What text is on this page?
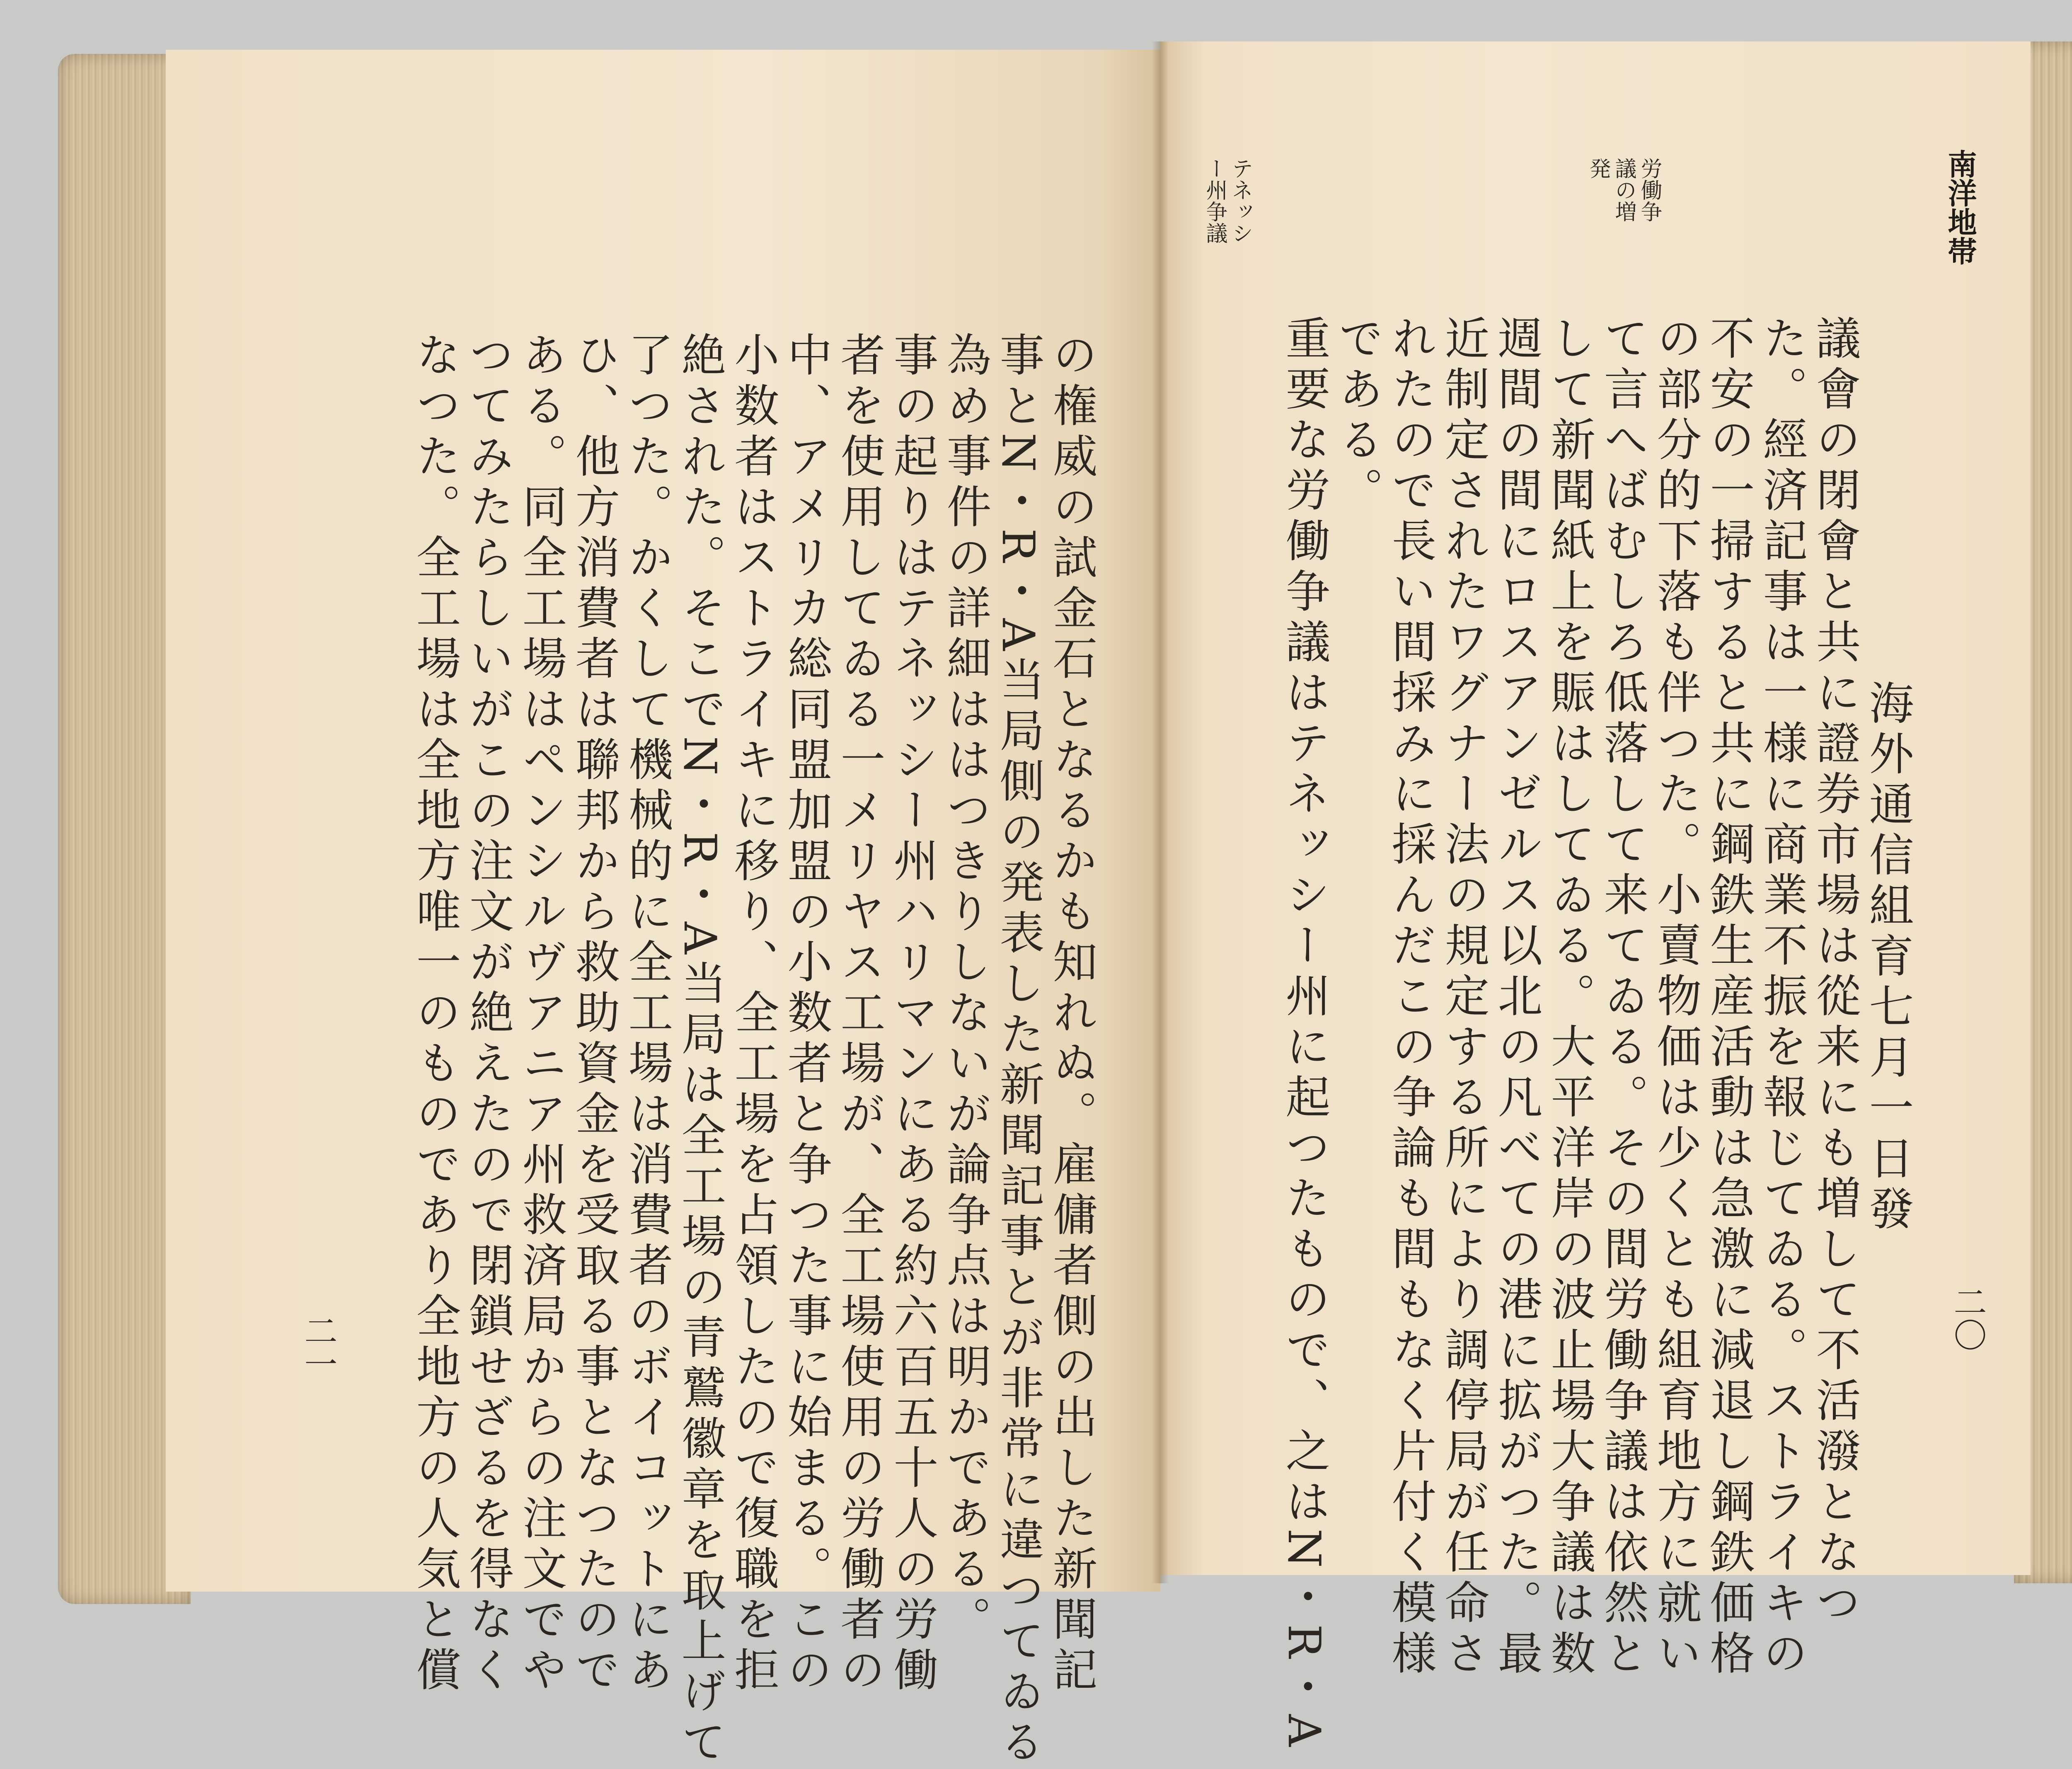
の権威の試金石となるかも知れぬ。雇傭者側の出した新聞記
事とN・R・A当局側の発表した新聞記事とが非常に違つてゐる
為め事件の詳細ははつきりしないが論争点は明かである。
事の起りはテネッシー州ハリマンにある約六百五十人の労働
者を使用してゐる一メリヤス工場が、全工場使用の労働者の
中、アメリカ総同盟加盟の小数者と争つた事に始まる。この
小数者はストライキに移り、全工場を占領したので復職を拒
絶された。そこでN・R・A当局は全工場の青鷲徽章を取上げて
了つた。かくして機械的に全工場は消費者のボイコットにあ
ひ、他方消費者は聯邦から救助資金を受取る事となつたので
ある。同全工場はペンシルヴアニア州救済局からの注文でや
つてみたらしいがこの注文が絶えたので閉鎖せざるを得なく
なつた。全工場は全地方唯一のものであり全地方の人気と償
二一
南洋地帯
海外通信組育七月一日發
議會の閉會と共に證券市場は從来にも増して不活潑となつ
た。經済記事は一様に商業不振を報じてゐる。ストライキの
不安の一掃すると共に鋼鉄生産活動は急激に減退し鋼鉄価格
の部分的下落も伴つた。小賣物価は少くとも組育地方に就い
て言へばむしろ低落して来てゐる。その間労働争議は依然と
して新聞紙上を賑はしてゐる。大平洋岸の波止場大争議は数
週間の間にロスアンゼルス以北の凡べての港に拡がつた。最
近制定されたワグナー法の規定する所により調停局が任命さ
れたので長い間採みに採んだこの争論も間もなく片付く模様
である。
重要な労働争議はテネッシー州に起つたもので、之はN・R・A
労働争
議の増
発
テネッシ
ー州争議
二〇
